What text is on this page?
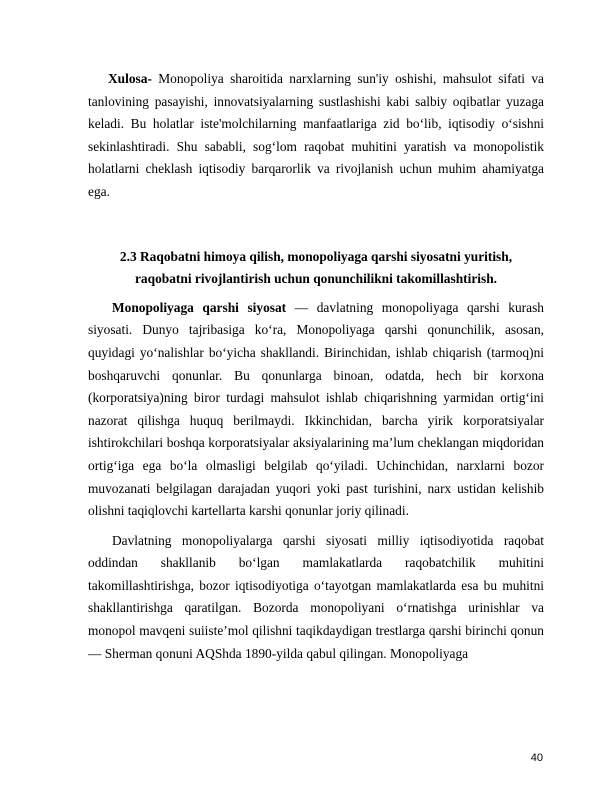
Xulosa- Monopoliya sharoitida narxlarning sun'iy oshishi, mahsulot sifati va tanlovining pasayishi, innovatsiyalarning sustlashishi kabi salbiy oqibatlar yuzaga keladi. Bu holatlar iste'molchilarning manfaatlariga zid bo‘lib, iqtisodiy o‘sishni sekinlashtiradi. Shu sababli, sog‘lom raqobat muhitini yaratish va monopolistik holatlarni cheklash iqtisodiy barqarorlik va rivojlanish uchun muhim ahamiyatga ega.

2.3 Raqobatni himoya qilish, monopoliyaga qarshi siyosatni yuritish, raqobatni rivojlantirish uchun qonunchilikni takomillashtirish.

Monopoliyaga qarshi siyosat — davlatning monopoliyaga qarshi kurash siyosati. Dunyo tajribasiga koʻra, Monopoliyaga qarshi qonunchilik, asosan, quyidagi yoʻnalishlar boʻyicha shakllandi. Birinchidan, ishlab chiqarish (tarmoq)ni boshqaruvchi qonunlar. Bu qonunlarga binoan, odatda, hech bir korxona (korporatsiya)ning biror turdagi mahsulot ishlab chiqarishning yarmidan ortigʻini nazorat qilishga huquq berilmaydi. Ikkinchidan, barcha yirik korporatsiyalar ishtirokchilari boshqa korporatsiyalar aksiyalarining maʼlum cheklangan miqdoridan ortigʻiga ega boʻla olmasligi belgilab qoʻyiladi. Uchinchidan, narxlarni bozor muvozanati belgilagan darajadan yuqori yoki past turishini, narx ustidan kelishib olishni taqiqlovchi kartellarta karshi qonunlar joriy qilinadi.

Davlatning monopoliyalarga qarshi siyosati milliy iqtisodiyotida raqobat oddindan shakllanib boʻlgan mamlakatlarda raqobatchilik muhitini takomillashtirishga, bozor iqtisodiyotiga oʻtayotgan mamlakatlarda esa bu muhitni shakllantirishga qaratilgan. Bozorda monopoliyani oʻrnatishga urinishlar va monopol mavqeni suiisteʼmol qilishni taqikdaydigan trestlarga qarshi birinchi qonun — Sherman qonuni AQShda 1890-yilda qabul qilingan. Monopoliyaga

40
